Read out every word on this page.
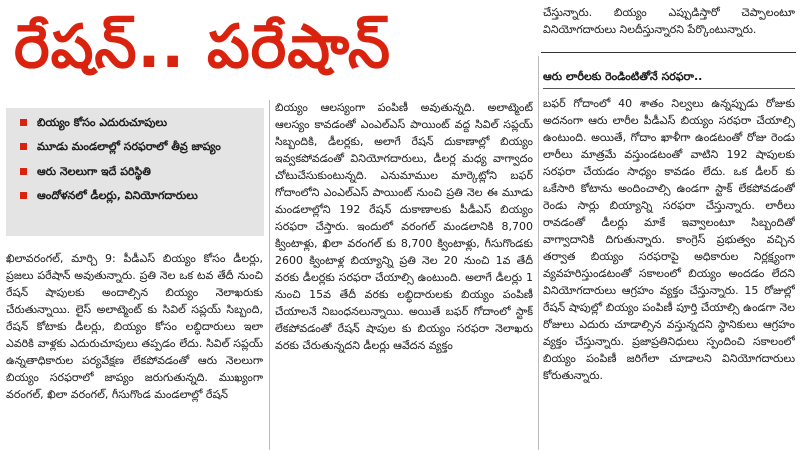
రేషన్.. పరేషాన్
బియ్యం కోసం ఎదురుచూపులు
మూడు మండలాల్లో సరఫరాలో తీవ్ర జాప్యం
ఆరు నెలలుగా ఇదే పరిస్థితి
ఆందోళనలో డీలర్లు, వినియోగదారులు

ఖిలావరంగల్, మార్చి 9: పీడీఎస్ బియ్యం కోసం డీలర్లు, ప్రజలు పరేషాన్ అవుతున్నారు. ప్రతి నెల ఒక టవ తేదీ నుంచి రేషన్ షాపులకు అందాల్సిన బియ్యం నెలాఖరుకు చేరుతున్నాయి. లైస్ అలాట్మెంట్ కు సివిల్ సప్లయ్ సిబ్బంది, రేషన్ కోటాకు డీలర్లు, బియ్యం కోసం లబ్ధిదారులు ఇలా ఎవరికి వాళ్లకు ఎదురుచూపులు తప్పడం లేదు. సివిల్ సప్లయ్ ఉన్నతాధికారుల పర్యవేక్షణ లేకపోవడంతో ఆరు నెలలుగా బియ్యం సరఫరాలో జాప్యం జరుగుతున్నది. ముఖ్యంగా వరంగల్, ఖిలా వరంగల్, గీసుగొండ మండలాల్లో రేషన్

బియ్యం ఆలస్యంగా పంపిణీ అవుతున్నది. అలాట్మెంట్ ఆలస్యం కావడంతో ఎంఎల్ఎస్ పాయింట్ వద్ద సివిల్ సప్లయ్ సిబ్బందికి, డీలర్లకు, అలాగే రేషన్ దుకాణాల్లో బియ్యం ఇవ్వకపోవడంతో వినియోగదారులు, డీలర్ల మధ్య వాగ్వాదం చోటుచేసుకుంటున్నది. ఎనుమాముల మార్కెట్లోని బఫర్ గోదాంలోని ఎంఎల్ఎస్ పాయింట్ నుంచి ప్రతి నెల ఈ మూడు మండలాల్లోని 192 రేషన్ దుకాణాలకు పీడీఎస్ బియ్యం సరఫరా చేస్తారు. ఇందులో వరంగల్ మండలానికి 8,700 క్వింటాళ్లు, ఖిలా వరంగల్ కు 8,700 క్వింటాళ్లు, గీసుగొండకు 2600 క్వింటాళ్ల బియ్యాన్ని ప్రతి నెల 20 నుంచి 1వ తేదీ వరకు డీలర్లకు సరఫరా చేయాల్సి ఉంటుంది. అలాగే డీలర్లు 1 నుంచి 15వ తేదీ వరకు లబ్ధిదారులకు బియ్యం పంపిణీ చేయాలనే నిబంధనలున్నాయి. అయితే బఫర్ గోదాంలో స్టాక్ లేకపోవడంతో రేషన్ షాపుల కు బియ్యం సరఫరా నెలాఖరు వరకు చేరుతున్నదని డీలర్లు ఆవేదన వ్యక్తం

చేస్తున్నారు. బియ్యం ఎప్పుడిస్తారో చెప్పాలంటూ వినియోగదారులు నిలదీస్తున్నారని పేర్కొంటున్నారు.

ఆరు లారీలకు రెండింటితోనే సరఫరా..

బఫర్ గోదాంలో 40 శాతం నిల్వలు ఉన్నప్పుడు రోజుకు అదనంగా ఆరు లారీల పీడీఎస్ బియ్యం సరఫరా చేయాల్సి ఉంటుంది. అయితే, గోదాం ఖాళీగా ఉండటంతో రోజు రెండు లారీలు మాత్రమే వస్తుండటంతో వాటిని 192 షాపులకు సరఫరా చేయడం సాధ్యం కావడం లేదు. ఒక డీలర్ కు ఒకేసారి కోటాను అందించాల్సి ఉండగా స్టాక్ లేకపోవడంతో రెండు సార్లు బియ్యాన్ని సరఫరా చేస్తున్నారు. లారీలు రావడంతో డీలర్లు మాకే ఇవ్వాలంటూ సిబ్బందితో వాగ్వాదానికి దిగుతున్నారు. కాంగ్రెస్ ప్రభుత్వం వచ్చిన తర్వాత బియ్యం సరఫరాపై అధికారుల నిర్లక్ష్యంగా వ్యవహరిస్తుండటంతో సకాలంలో బియ్యం అందడం లేదని వినియోగదారులు ఆగ్రహం వ్యక్తం చేస్తున్నారు. 15 రోజుల్లో రేషన్ షాపుల్లో బియ్యం పంపిణీ పూర్తి చేయాల్సి ఉండగా నెల రోజులు ఎదురు చూడాల్సిన వస్తున్నదని స్థానికులు ఆగ్రహం వ్యక్తం చేస్తున్నారు. ప్రజాప్రతినిధులు స్పందించి సకాలంలో బియ్యం పంపిణీ జరిగేలా చూడాలని వినియోగదారులు కోరుతున్నారు.
